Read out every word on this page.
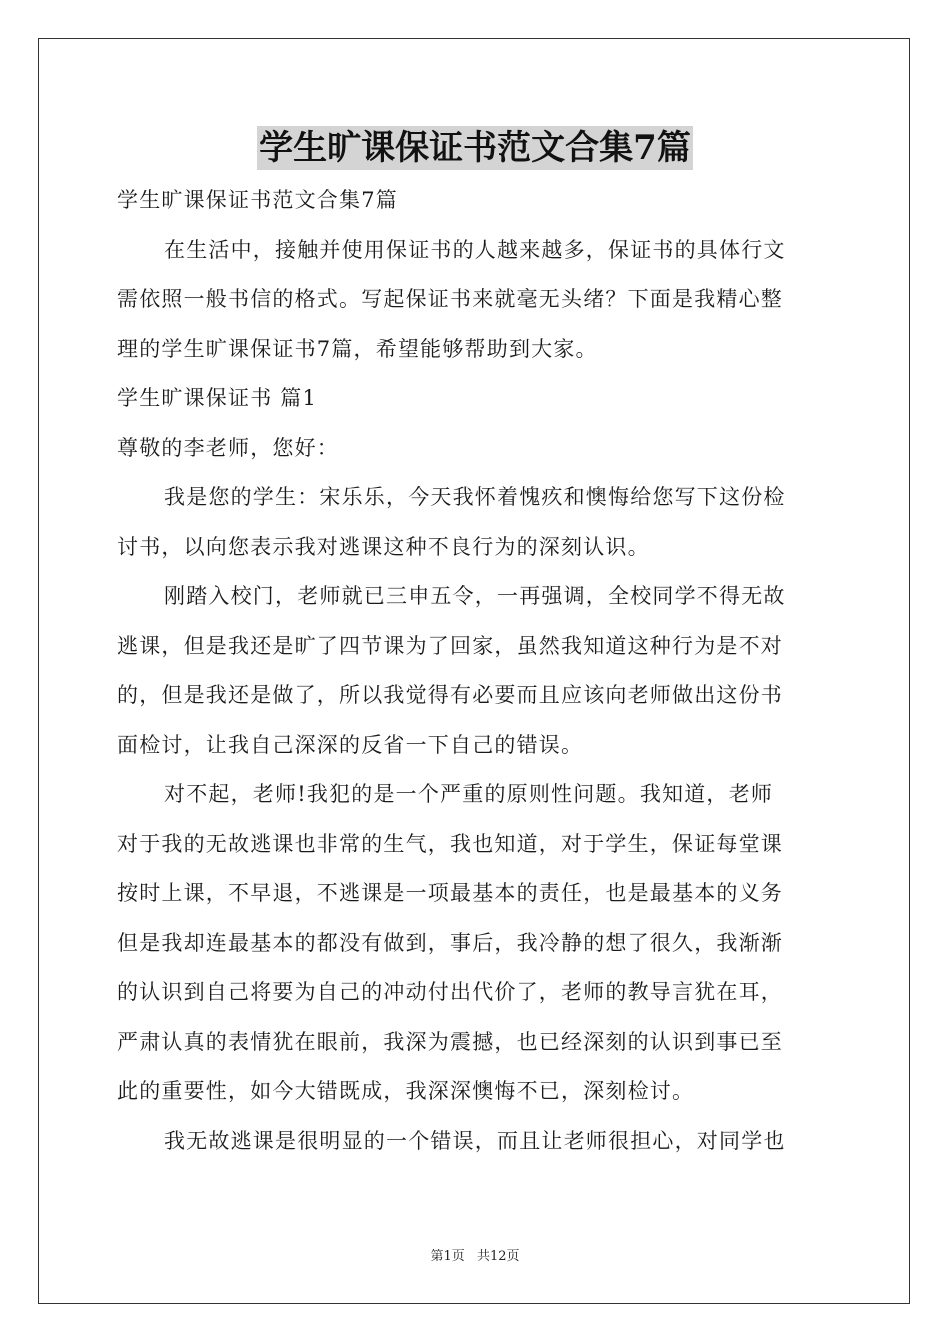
学生旷课保证书范文合集7篇
学生旷课保证书范文合集7篇
在生活中，接触并使用保证书的人越来越多，保证书的具体行文
需依照一般书信的格式。写起保证书来就毫无头绪？下面是我精心整
理的学生旷课保证书7篇，希望能够帮助到大家。
学生旷课保证书 篇1
尊敬的李老师，您好：
我是您的学生：宋乐乐，今天我怀着愧疚和懊悔给您写下这份检
讨书，以向您表示我对逃课这种不良行为的深刻认识。
刚踏入校门，老师就已三申五令，一再强调，全校同学不得无故
逃课，但是我还是旷了四节课为了回家，虽然我知道这种行为是不对
的，但是我还是做了，所以我觉得有必要而且应该向老师做出这份书
面检讨，让我自己深深的反省一下自己的错误。
对不起，老师!我犯的是一个严重的原则性问题。我知道，老师
对于我的无故逃课也非常的生气，我也知道，对于学生，保证每堂课
按时上课，不早退，不逃课是一项最基本的责任，也是最基本的义务
但是我却连最基本的都没有做到，事后，我冷静的想了很久，我渐渐
的认识到自己将要为自己的冲动付出代价了，老师的教导言犹在耳，
严肃认真的表情犹在眼前，我深为震撼，也已经深刻的认识到事已至
此的重要性，如今大错既成，我深深懊悔不已，深刻检讨。
我无故逃课是很明显的一个错误，而且让老师很担心，对同学也
第1页 共12页
